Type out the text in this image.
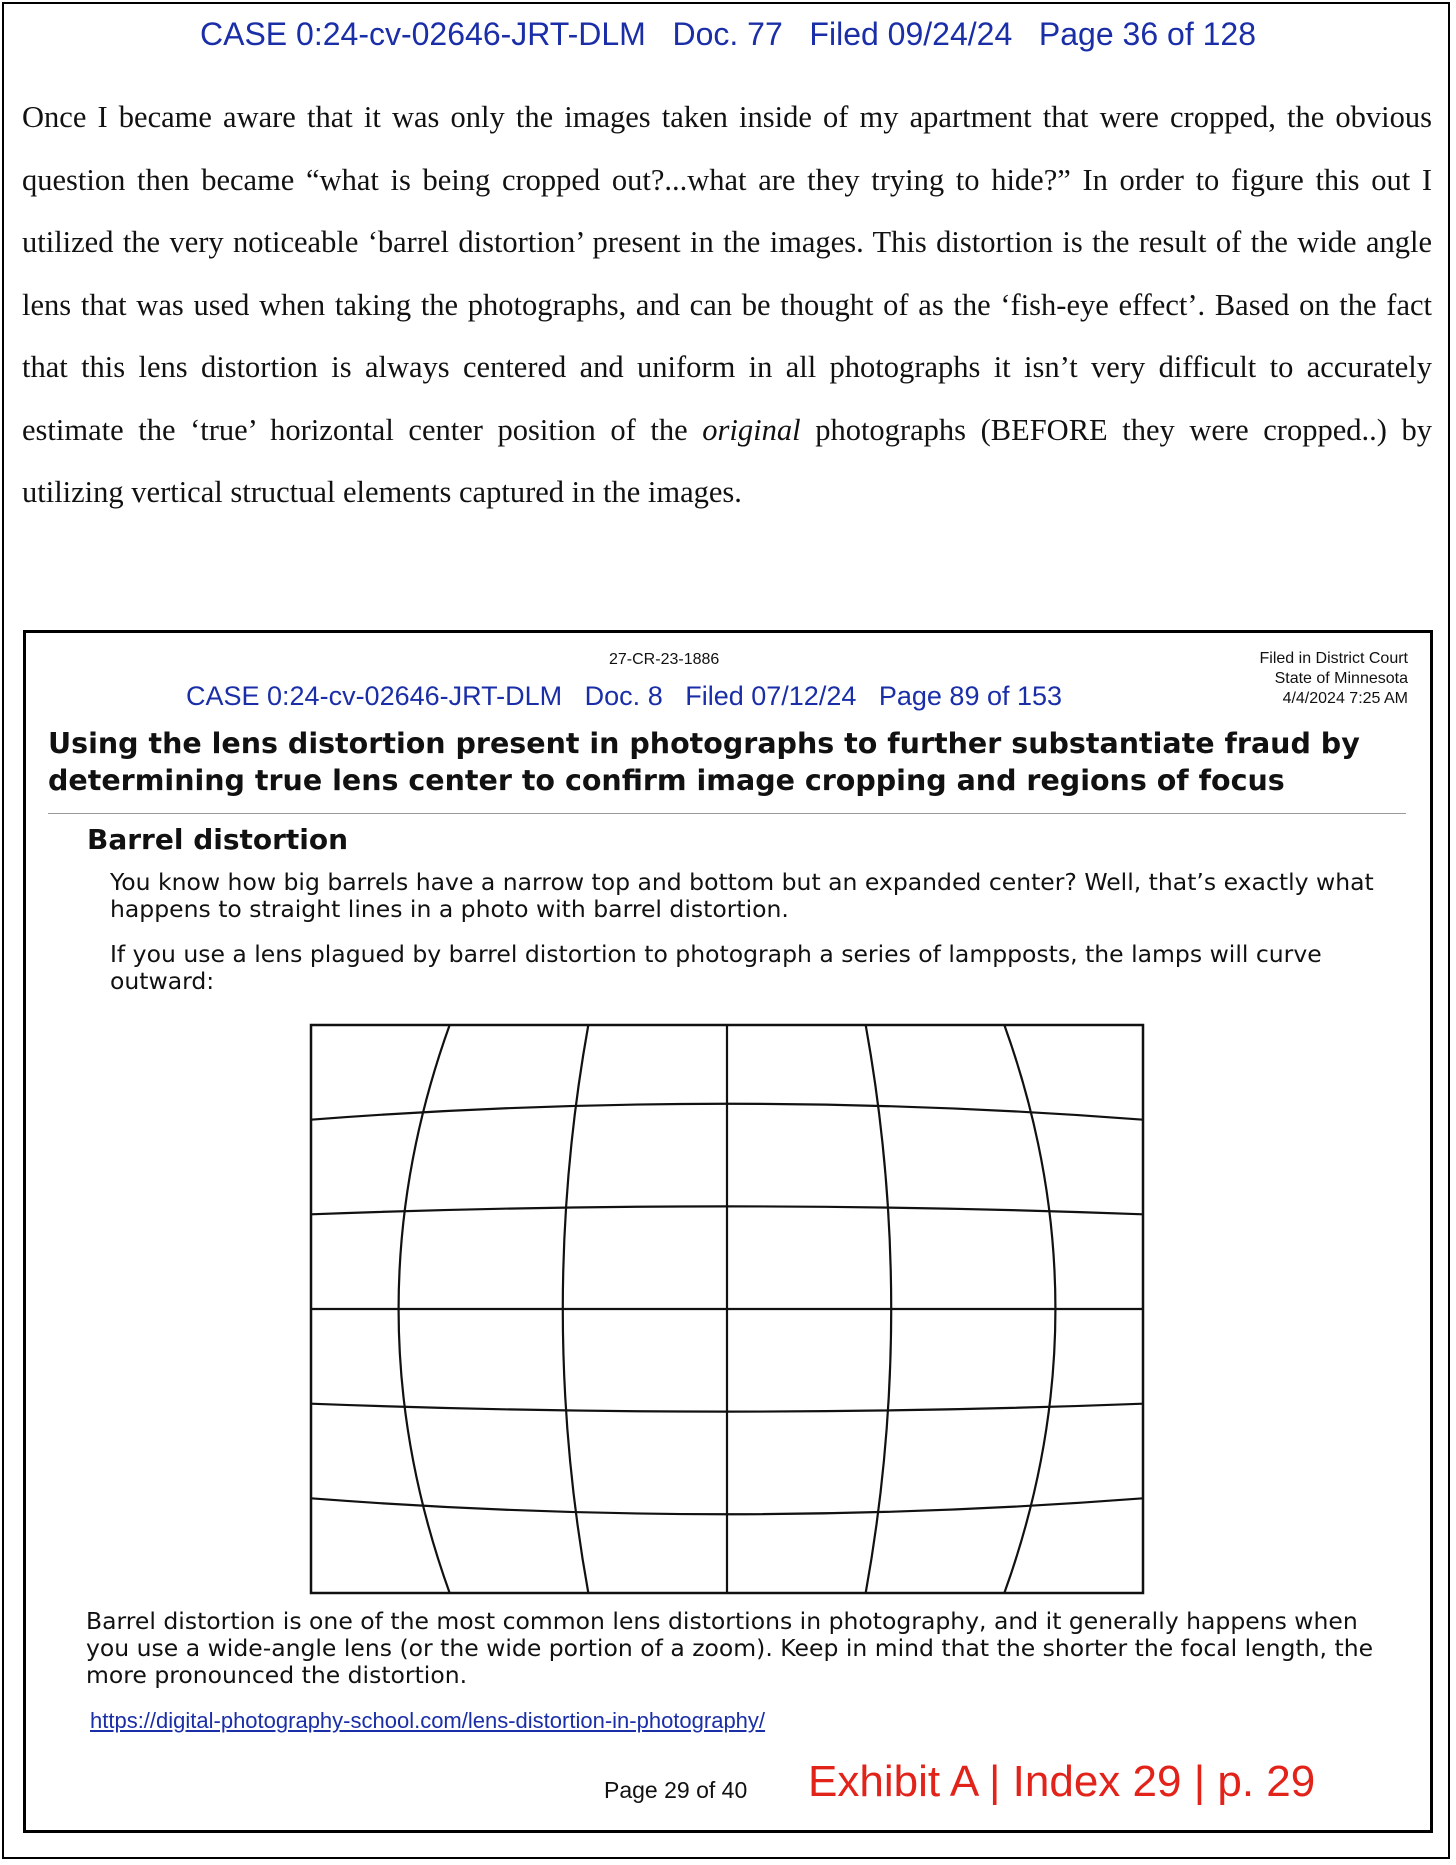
CASE 0:24-cv-02646-JRT-DLM Doc. 77 Filed 09/24/24 Page 36 of 128

Once I became aware that it was only the images taken inside of my apartment that were cropped, the obvious question then became “what is being cropped out?...what are they trying to hide?” In order to figure this out I utilized the very noticeable ‘barrel distortion’ present in the images. This distortion is the result of the wide angle lens that was used when taking the photographs, and can be thought of as the ‘fish-eye effect’. Based on the fact that this lens distortion is always centered and uniform in all photographs it isn’t very difficult to accurately estimate the ‘true’ horizontal center position of the original photographs (BEFORE they were cropped..) by utilizing vertical structual elements captured in the images.

27-CR-23-1886	Filed in District Court
State of Minnesota
4/4/2024 7:25 AM
CASE 0:24-cv-02646-JRT-DLM Doc. 8 Filed 07/12/24 Page 89 of 153
Using the lens distortion present in photographs to further substantiate fraud by determining true lens center to confirm image cropping and regions of focus
Barrel distortion
You know how big barrels have a narrow top and bottom but an expanded center? Well, that’s exactly what happens to straight lines in a photo with barrel distortion.
If you use a lens plagued by barrel distortion to photograph a series of lampposts, the lamps will curve outward:
Barrel distortion is one of the most common lens distortions in photography, and it generally happens when you use a wide-angle lens (or the wide portion of a zoom). Keep in mind that the shorter the focal length, the more pronounced the distortion.
https://digital-photography-school.com/lens-distortion-in-photography/
Page 29 of 40 Exhibit A | Index 29 | p. 29
